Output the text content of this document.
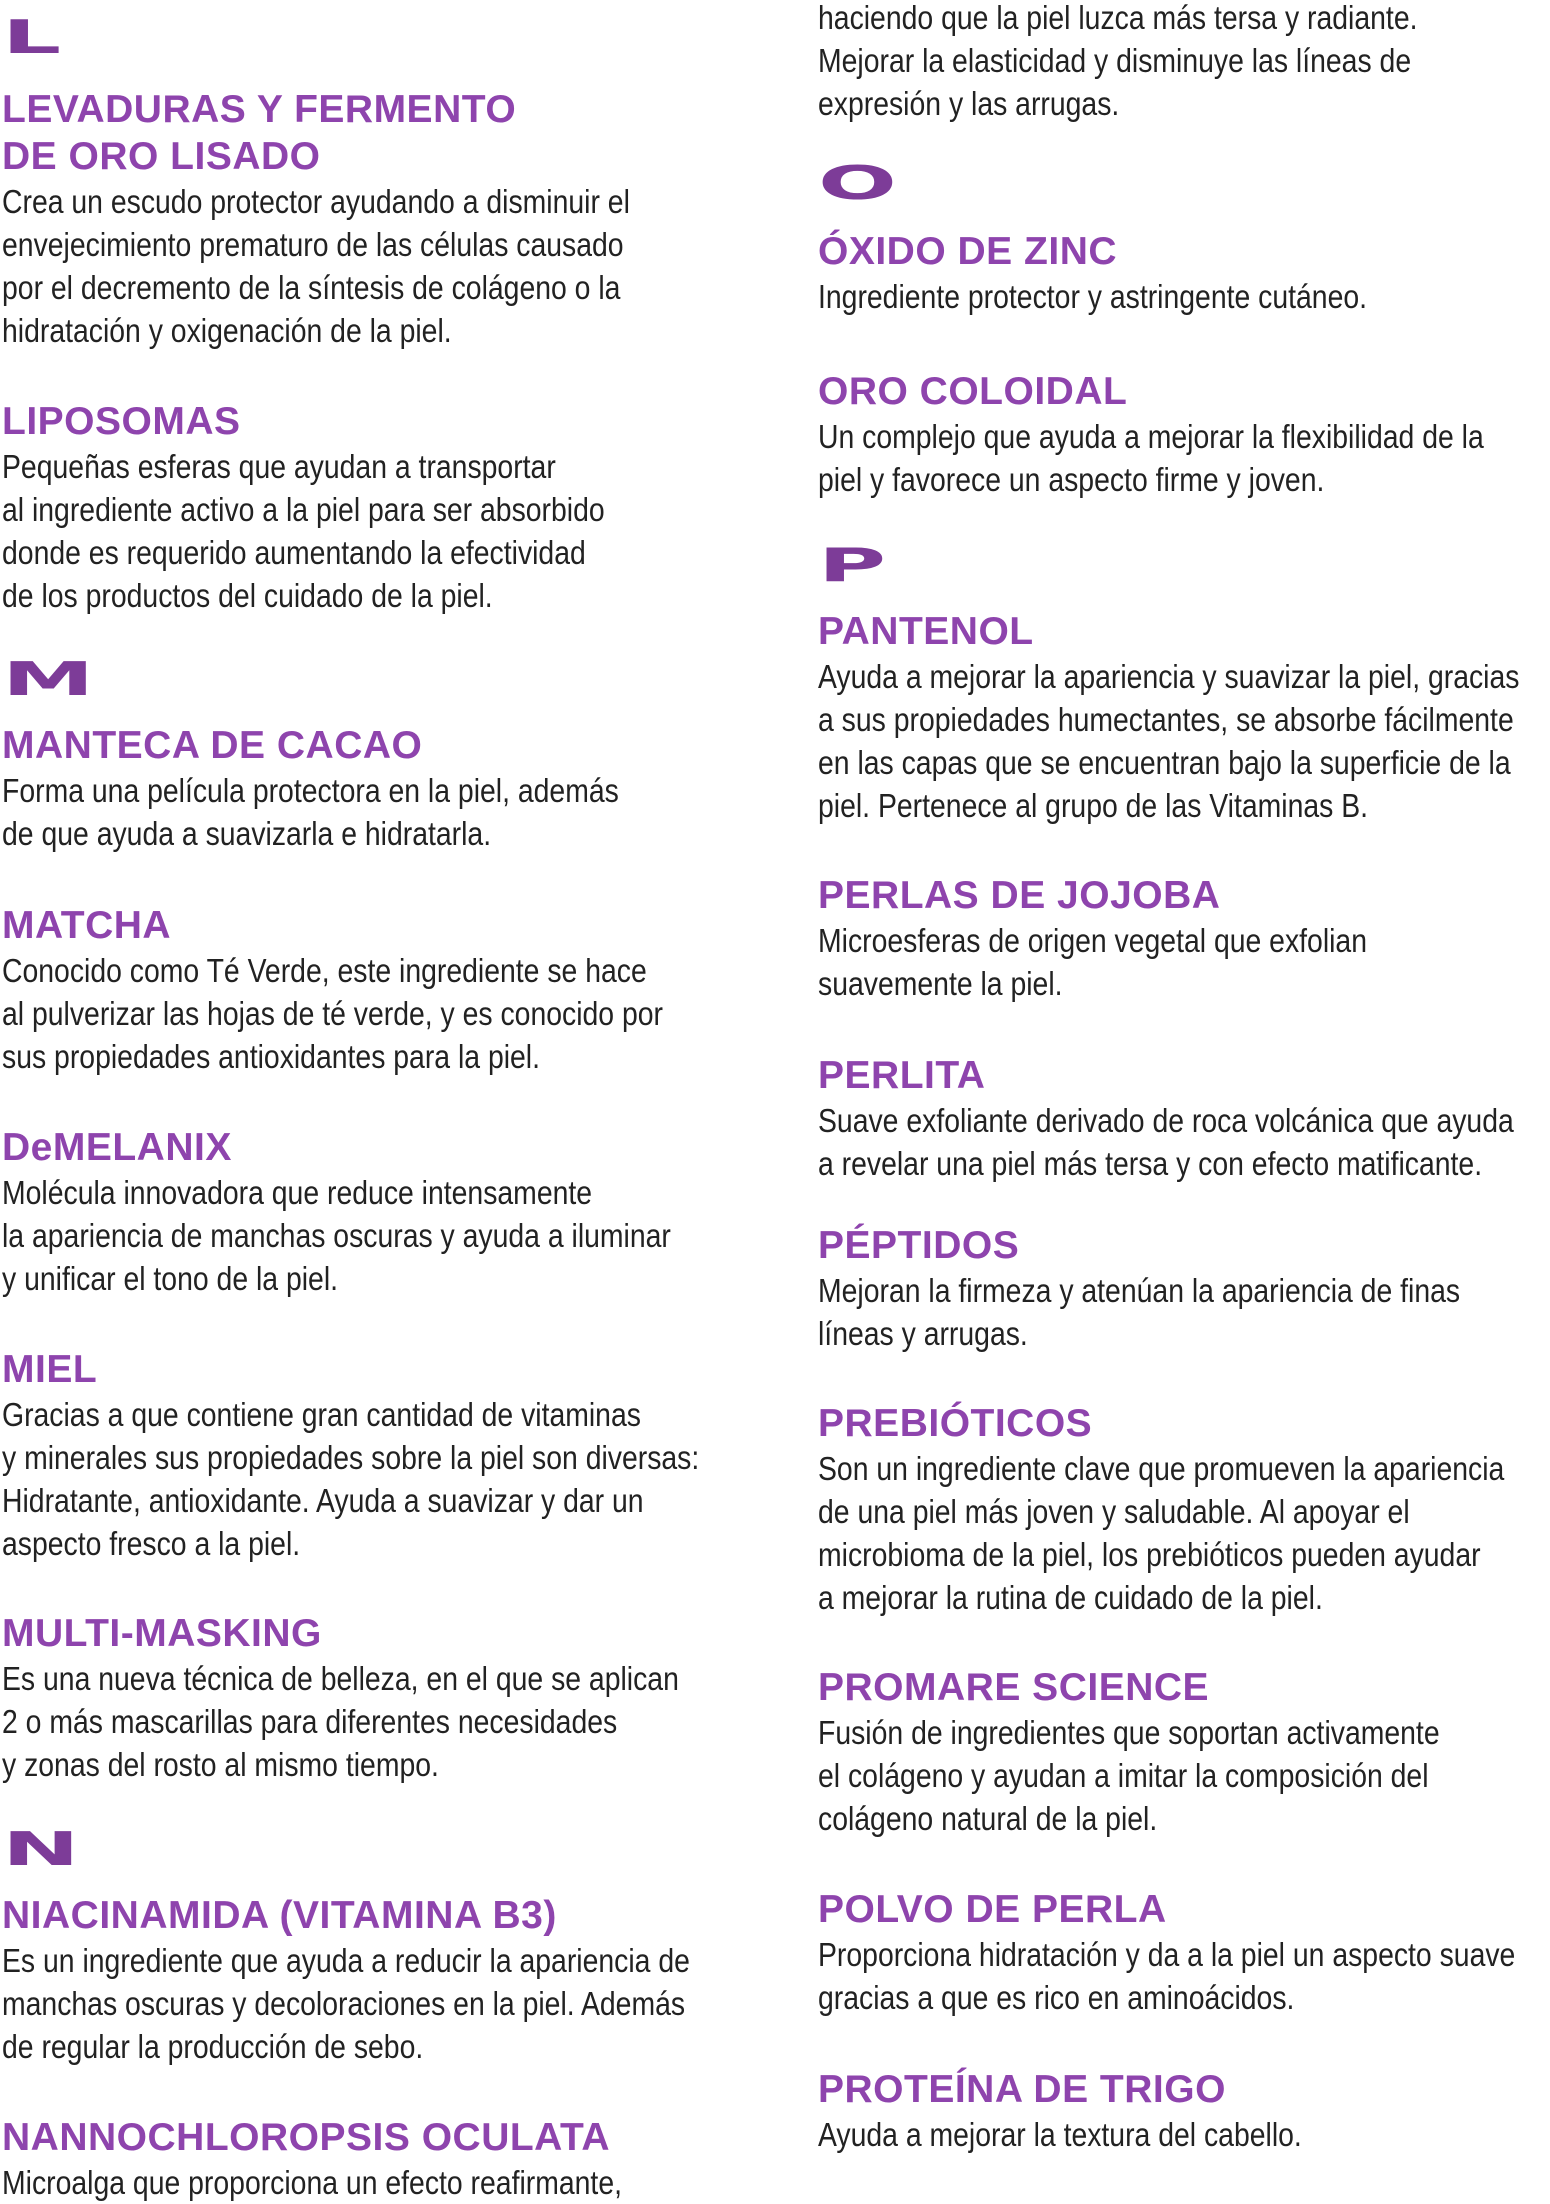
L

LEVADURAS Y FERMENTO

DE ORO LISADO

Crea un escudo protector ayudando a disminuir el

envejecimiento prematuro de las células causado

por el decremento de la síntesis de colágeno o la

hidratación y oxigenación de la piel.

LIPOSOMAS

Pequeñas esferas que ayudan a transportar

al ingrediente activo a la piel para ser absorbido

donde es requerido aumentando la efectividad

de los productos del cuidado de la piel.

M

MANTECA DE CACAO

Forma una película protectora en la piel, además

de que ayuda a suavizarla e hidratarla.

MATCHA

Conocido como Té Verde, este ingrediente se hace

al pulverizar las hojas de té verde, y es conocido por

sus propiedades antioxidantes para la piel.

DeMELANIX

Molécula innovadora que reduce intensamente

la apariencia de manchas oscuras y ayuda a iluminar

y unificar el tono de la piel.

MIEL

Gracias a que contiene gran cantidad de vitaminas

y minerales sus propiedades sobre la piel son diversas:

Hidratante, antioxidante. Ayuda a suavizar y dar un

aspecto fresco a la piel.

MULTI-MASKING

Es una nueva técnica de belleza, en el que se aplican

2 o más mascarillas para diferentes necesidades

y zonas del rosto al mismo tiempo.

N

NIACINAMIDA (VITAMINA B3)

Es un ingrediente que ayuda a reducir la apariencia de

manchas oscuras y decoloraciones en la piel. Además

de regular la producción de sebo.

NANNOCHLOROPSIS OCULATA

Microalga que proporciona un efecto reafirmante,

haciendo que la piel luzca más tersa y radiante.

Mejorar la elasticidad y disminuye las líneas de

expresión y las arrugas.

O

ÓXIDO DE ZINC

Ingrediente protector y astringente cutáneo.

ORO COLOIDAL

Un complejo que ayuda a mejorar la flexibilidad de la

piel y favorece un aspecto firme y joven.

P

PANTENOL

Ayuda a mejorar la apariencia y suavizar la piel, gracias

a sus propiedades humectantes, se absorbe fácilmente

en las capas que se encuentran bajo la superficie de la

piel. Pertenece al grupo de las Vitaminas B.

PERLAS DE JOJOBA

Microesferas de origen vegetal que exfolian

suavemente la piel.

PERLITA

Suave exfoliante derivado de roca volcánica que ayuda

a revelar una piel más tersa y con efecto matificante.

PÉPTIDOS

Mejoran la firmeza y atenúan la apariencia de finas

líneas y arrugas.

PREBIÓTICOS

Son un ingrediente clave que promueven la apariencia

de una piel más joven y saludable. Al apoyar el

microbioma de la piel, los prebióticos pueden ayudar

a mejorar la rutina de cuidado de la piel.

PROMARE SCIENCE

Fusión de ingredientes que soportan activamente

el colágeno y ayudan a imitar la composición del

colágeno natural de la piel.

POLVO DE PERLA

Proporciona hidratación y da a la piel un aspecto suave

gracias a que es rico en aminoácidos.

PROTEÍNA DE TRIGO

Ayuda a mejorar la textura del cabello.
